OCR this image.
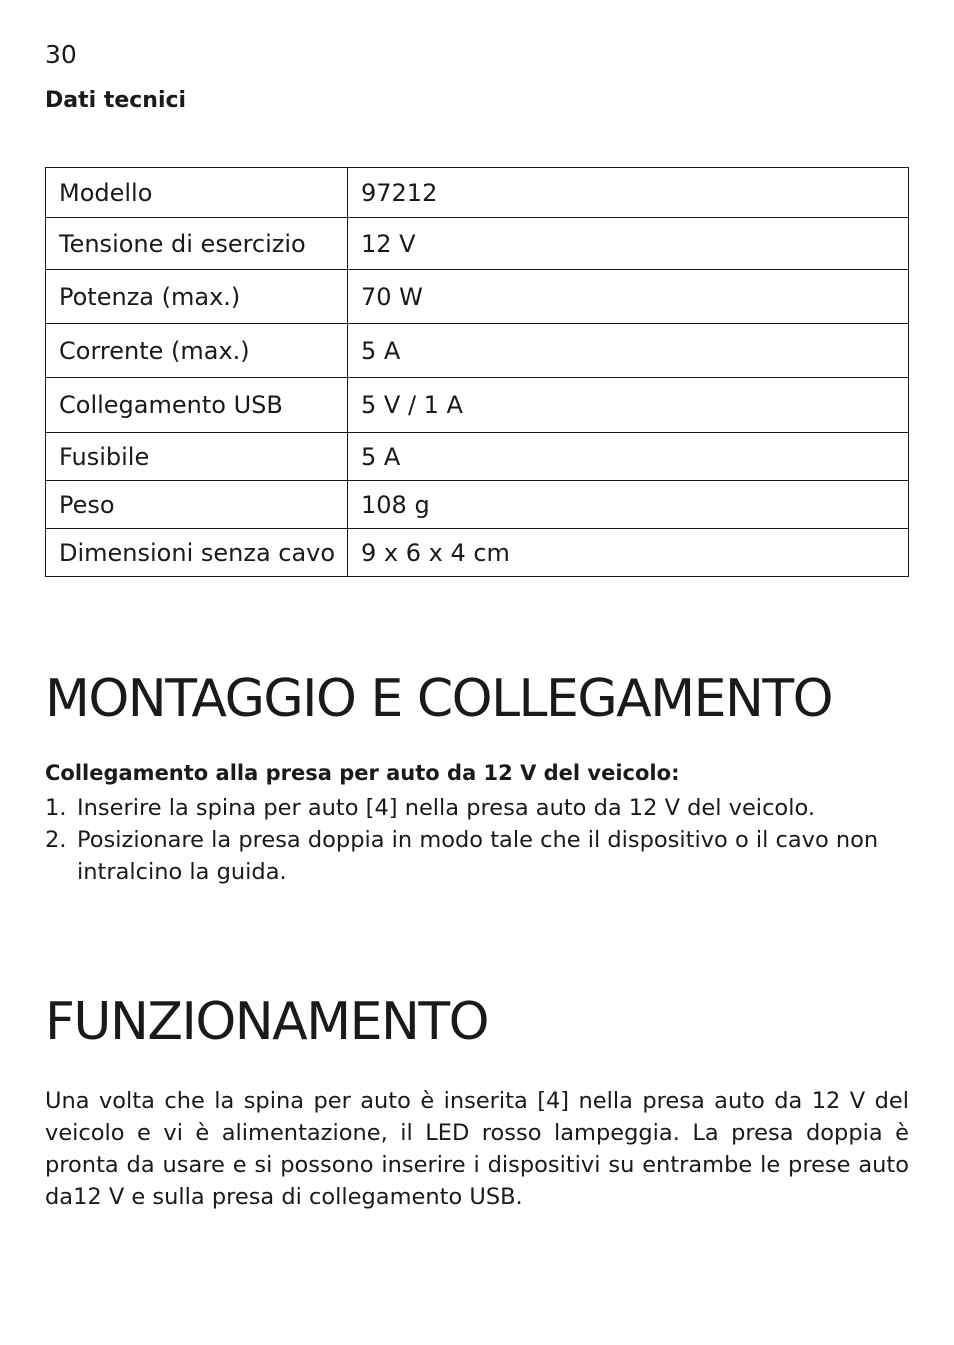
30
Dati tecnici
Modello	97212
Tensione di esercizio	12 V
Potenza (max.)	70 W
Corrente (max.)	5 A
Collegamento USB	5 V / 1 A
Fusibile	5 A
Peso	108 g
Dimensioni senza cavo	9 x 6 x 4 cm
MONTAGGIO E COLLEGAMENTO
Collegamento alla presa per auto da 12 V del veicolo:
1. Inserire la spina per auto [4] nella presa auto da 12 V del veicolo.
2. Posizionare la presa doppia in modo tale che il dispositivo o il cavo non intralcino la guida.
FUNZIONAMENTO

Una volta che la spina per auto è inserita [4] nella presa auto da 12 V del veicolo e vi è alimentazione, il LED rosso lampeggia. La presa doppia è pronta da usare e si possono inserire i dispositivi su entrambe le prese auto da12 V e sulla presa di collegamento USB.
